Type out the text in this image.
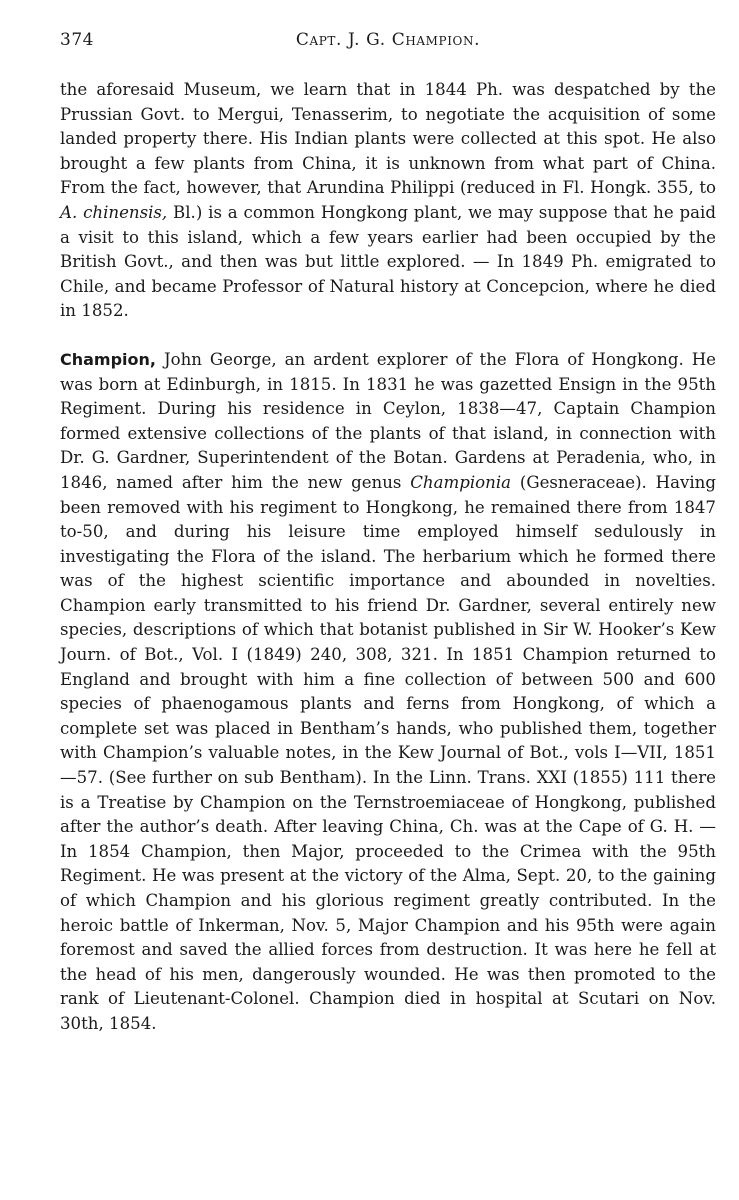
374	Capt. J. G. Champion.

the aforesaid Museum, we learn that in 1844 Ph. was despatched by the Prussian Govt. to Mergui, Tenasserim, to negotiate the acquisition of some landed property there. His Indian plants were collected at this spot. He also brought a few plants from China, it is unknown from what part of China. From the fact, however, that Arundina Philippi (reduced in Fl. Hongk. 355, to A. chinensis, Bl.) is a common Hongkong plant, we may suppose that he paid a visit to this island, which a few years earlier had been occupied by the British Govt., and then was but little explored. — In 1849 Ph. emigrated to Chile, and became Professor of Natural history at Concepcion, where he died in 1852.

Champion, John George, an ardent explorer of the Flora of Hongkong. He was born at Edinburgh, in 1815. In 1831 he was gazetted Ensign in the 95th Regiment. During his residence in Ceylon, 1838—47, Captain Champion formed extensive collections of the plants of that island, in connection with Dr. G. Gardner, Superintendent of the Botan. Gardens at Peradenia, who, in 1846, named after him the new genus Championia (Gesneraceae). Having been removed with his regiment to Hongkong, he remained there from 1847 to-50, and during his leisure time employed himself sedulously in investigating the Flora of the island. The herbarium which he formed there was of the highest scientific importance and abounded in novelties. Champion early transmitted to his friend Dr. Gardner, several entirely new species, descriptions of which that botanist published in Sir W. Hooker’s Kew Journ. of Bot., Vol. I (1849) 240, 308, 321. In 1851 Champion returned to England and brought with him a fine collection of between 500 and 600 species of phaenogamous plants and ferns from Hongkong, of which a complete set was placed in Bentham’s hands, who published them, together with Champion’s valuable notes, in the Kew Journal of Bot., vols I—VII, 1851—57. (See further on sub Bentham). In the Linn. Trans. XXI (1855) 111 there is a Treatise by Champion on the Ternstroemiaceae of Hongkong, published after the author’s death. After leaving China, Ch. was at the Cape of G. H. — In 1854 Champion, then Major, proceeded to the Crimea with the 95th Regiment. He was present at the victory of the Alma, Sept. 20, to the gaining of which Champion and his glorious regiment greatly contributed. In the heroic battle of Inkerman, Nov. 5, Major Champion and his 95th were again foremost and saved the allied forces from destruction. It was here he fell at the head of his men, dangerously wounded. He was then promoted to the rank of Lieutenant-Colonel. Champion died in hospital at Scutari on Nov. 30th, 1854.
